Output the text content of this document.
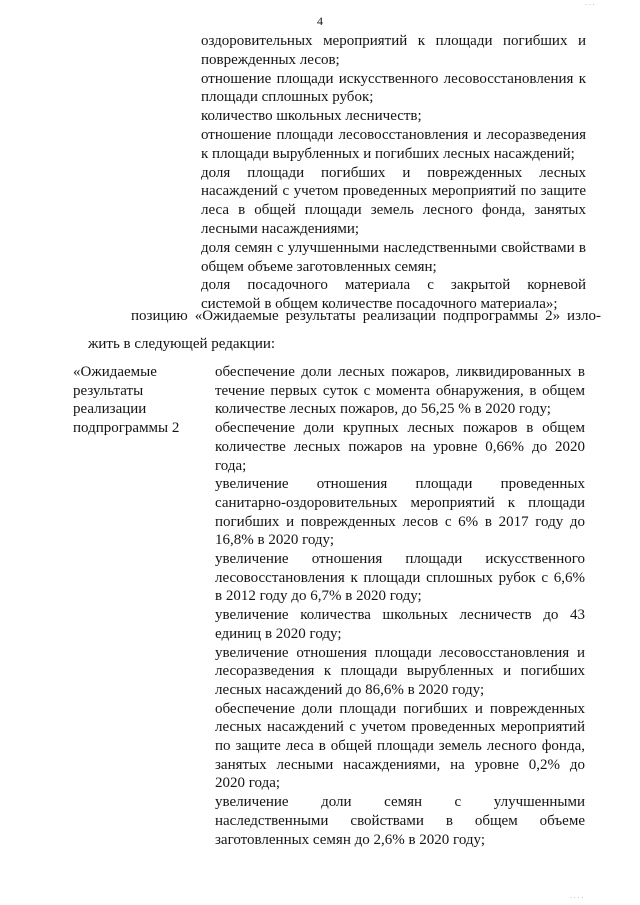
4
оздоровительных мероприятий к площади погибших и
поврежденных лесов;
отношение площади искусственного лесовосстановления к
площади сплошных рубок;
количество школьных лесничеств;
отношение площади лесовосстановления и лесоразведения
к площади вырубленных и погибших лесных насаждений;
доля площади погибших и поврежденных лесных
насаждений с учетом проведенных мероприятий по защите
леса в общей площади земель лесного фонда, занятых
лесными насаждениями;
доля семян с улучшенными наследственными свойствами в
общем объеме заготовленных семян;
доля посадочного материала с закрытой корневой
системой в общем количестве посадочного материала»;
позицию «Ожидаемые результаты реализации подпрограммы 2» изло-
жить в следующей редакции:
«Ожидаемые
результаты
реализации
подпрограммы 2
обеспечение доли лесных пожаров, ликвидированных в
течение первых суток с момента обнаружения, в общем
количестве лесных пожаров, до 56,25 % в 2020 году;
обеспечение доли крупных лесных пожаров в общем
количестве лесных пожаров на уровне 0,66% до 2020
года;
увеличение отношения площади проведенных
санитарно-оздоровительных мероприятий к площади
погибших и поврежденных лесов с 6% в 2017 году до
16,8% в 2020 году;
увеличение отношения площади искусственного
лесовосстановления к площади сплошных рубок с 6,6%
в 2012 году до 6,7% в 2020 году;
увеличение количества школьных лесничеств до 43
единиц в 2020 году;
увеличение отношения площади лесовосстановления и
лесоразведения к площади вырубленных и погибших
лесных насаждений до 86,6% в 2020 году;
обеспечение доли площади погибших и поврежденных
лесных насаждений с учетом проведенных мероприятий
по защите леса в общей площади земель лесного фонда,
занятых лесными насаждениями, на уровне 0,2% до
2020 года;
увеличение доли семян с улучшенными
наследственными свойствами в общем объеме
заготовленных семян до 2,6% в 2020 году;
· · ·
· · · ·
